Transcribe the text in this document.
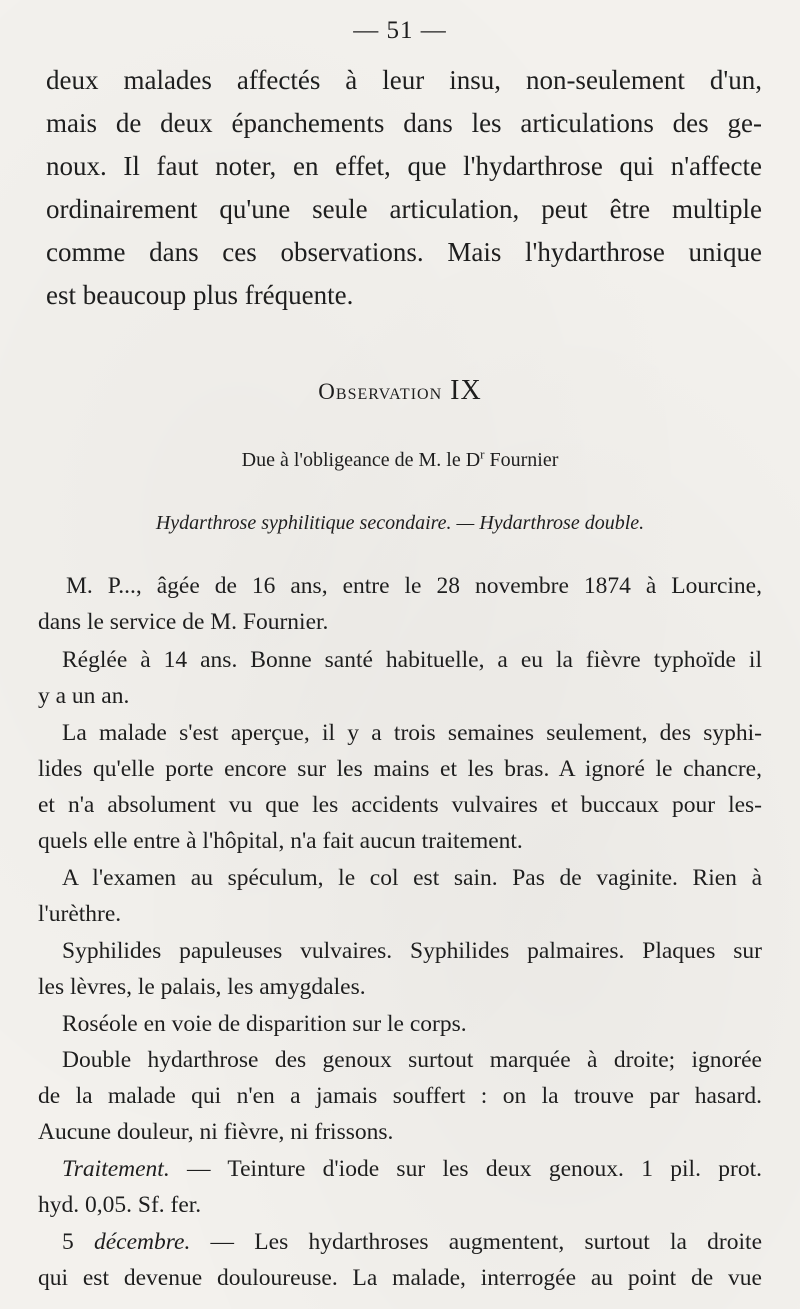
— 51 —
deux malades affectés à leur insu, non-seulement d'un,
mais de deux épanchements dans les articulations des ge-
noux. Il faut noter, en effet, que l'hydarthrose qui n'affecte
ordinairement qu'une seule articulation, peut être multiple
comme dans ces observations. Mais l'hydarthrose unique
est beaucoup plus fréquente.
Observation IX
Due à l'obligeance de M. le $D^r$ Fournier
Hydarthrose syphilitique secondaire. — Hydarthrose double.
M. P..., âgée de 16 ans, entre le 28 novembre 1874 à Lourcine,
dans le service de M. Fournier.
Réglée à 14 ans. Bonne santé habituelle, a eu la fièvre typhoïde il
y a un an.
La malade s'est aperçue, il y a trois semaines seulement, des syphi-
lides qu'elle porte encore sur les mains et les bras. A ignoré le chancre,
et n'a absolument vu que les accidents vulvaires et buccaux pour les-
quels elle entre à l'hôpital, n'a fait aucun traitement.
A l'examen au spéculum, le col est sain. Pas de vaginite. Rien à
l'urèthre.
Syphilides papuleuses vulvaires. Syphilides palmaires. Plaques sur
les lèvres, le palais, les amygdales.
Roséole en voie de disparition sur le corps.
Double hydarthrose des genoux surtout marquée à droite; ignorée
de la malade qui n'en a jamais souffert : on la trouve par hasard.
Aucune douleur, ni fièvre, ni frissons.
Traitement. — Teinture d'iode sur les deux genoux. 1 pil. prot.
hyd. 0,05. Sf. fer.
5 décembre. — Les hydarthroses augmentent, surtout la droite
qui est devenue douloureuse. La malade, interrogée au point de vue
